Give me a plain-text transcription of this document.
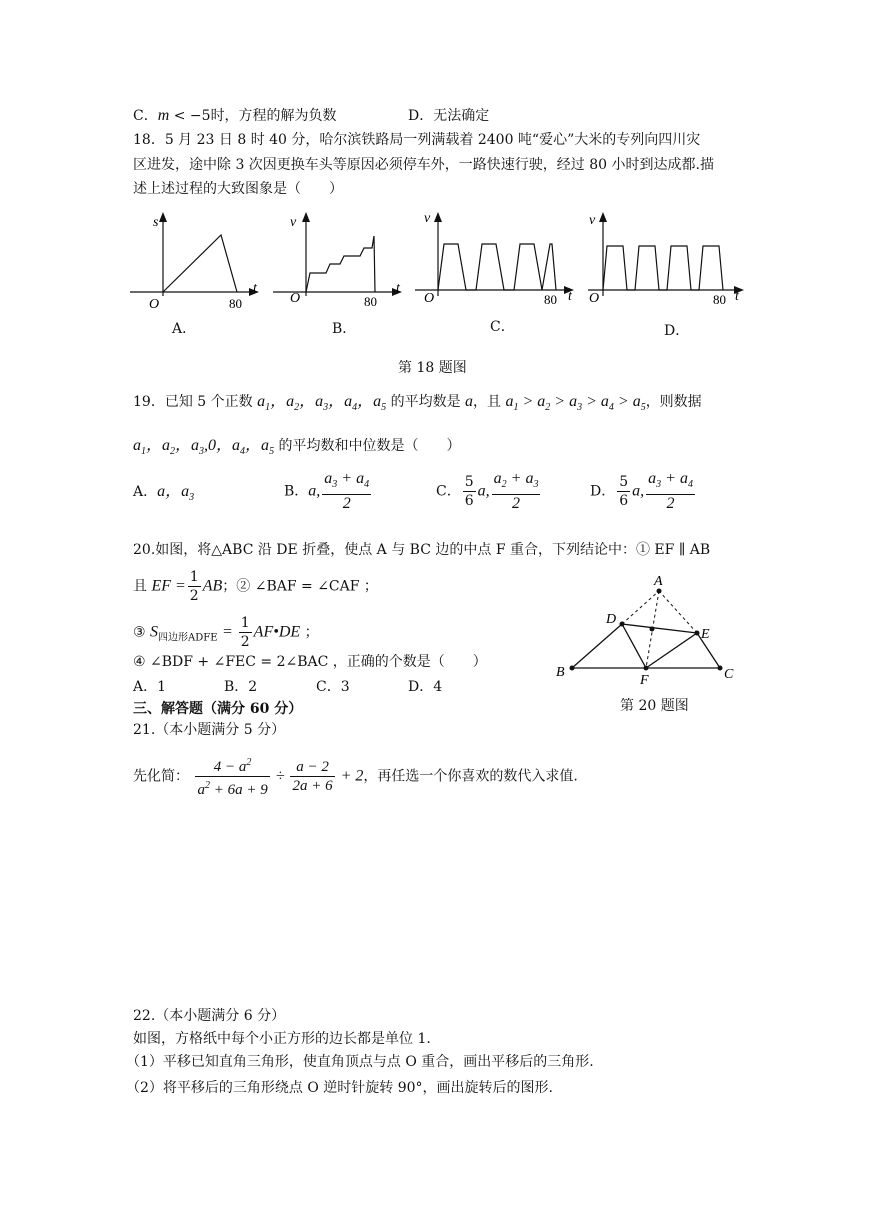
C．m < −5时，方程的解为负数	D．无法确定
18．5 月 23 日 8 时 40 分，哈尔滨铁路局一列满载着 2400 吨“爱心”大米的专列向四川灾
区进发，途中除 3 次因更换车头等原因必须停车外，一路快速行驶，经过 80 小时到达成都.描
述上述过程的大致图象是（　　）
s
t
O	80
A．
v
t
O	80
B．
v
t
O	80
C．
v
t
O	80
D．
第 18 题图
19．已知 5 个正数 $a_1$，$a_2$，$a_3$，$a_4$，$a_5$ 的平均数是 a，且 $a_1 > a_2 > a_3 > a_4 > a_5$，则数据
$a_1$，$a_2$，$a_3,0$，$a_4$，$a_5$ 的平均数和中位数是（　　）
A．a，$a_3$	B．a, $\frac{a_3 + a_4}{2}$	C． $\frac{5}{6} a$, $\frac{a_2 + a_3}{2}$	D． $\frac{5}{6} a$, $\frac{a_3 + a_4}{2}$
20.如图，将△ABC 沿 DE 折叠，使点 A 与 BC 边的中点 F 重合，下列结论中：① EF ∥ AB
且 EF = $\frac{1}{2}$ AB；② ∠BAF = ∠CAF ；
③ $S_{四边形ADFE} = \frac{1}{2}$ AF•DE ；
④ ∠BDF + ∠FEC = 2∠BAC ，正确的个数是（　　）
A．1	B．2	C．3	D．4
A
D
E
B
F	C
第 20 题图
三、解答题（满分 60 分）
21.（本小题满分 5 分）
先化简： $\frac{4 - a^2}{a^2 + 6a + 9} \div \frac{a - 2}{2a + 6} + 2$，再任选一个你喜欢的数代入求值.
22.（本小题满分 6 分）
如图，方格纸中每个小正方形的边长都是单位 1.
（1）平移已知直角三角形，使直角顶点与点 O 重合，画出平移后的三角形.
（2）将平移后的三角形绕点 O 逆时针旋转 90°，画出旋转后的图形.
